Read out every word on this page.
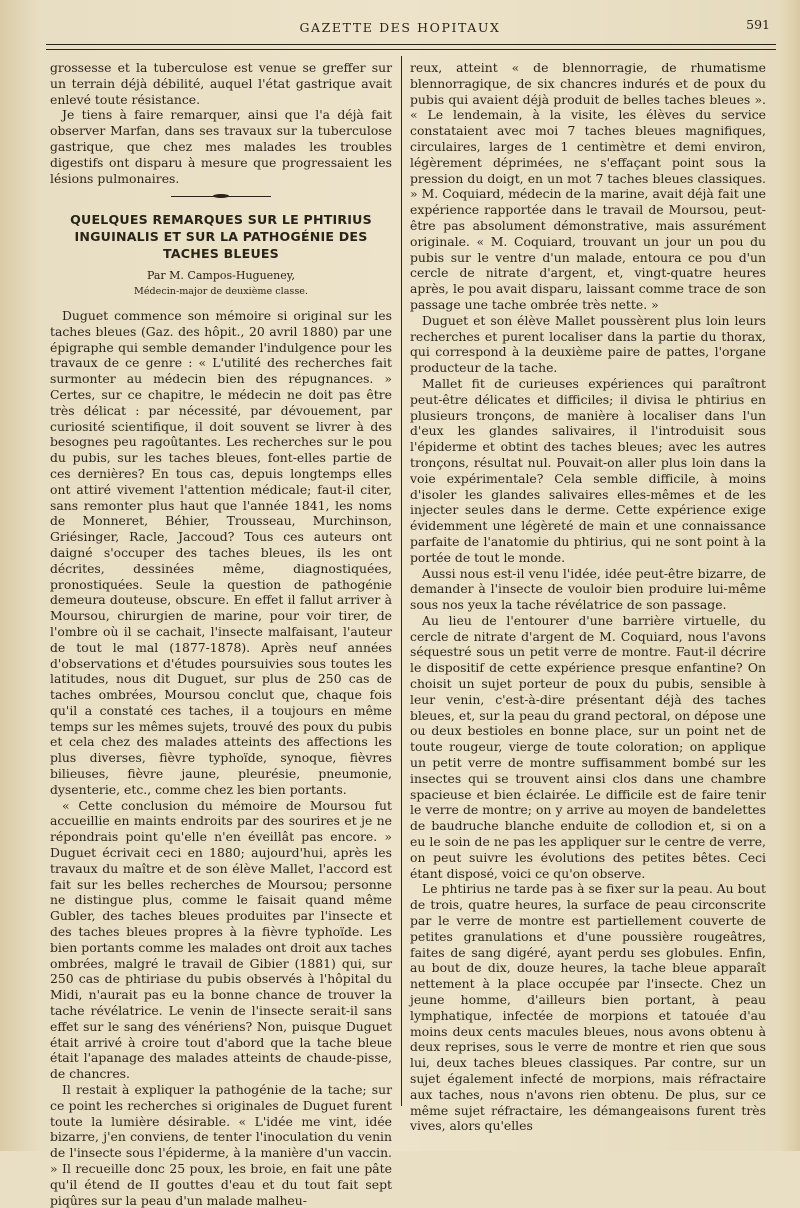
GAZETTE DES HOPITAUX	591

grossesse et la tuberculose est venue se greffer sur un terrain déjà débilité, auquel l'état gastrique avait enlevé toute résistance.

Je tiens à faire remarquer, ainsi que l'a déjà fait observer Marfan, dans ses travaux sur la tuberculose gastrique, que chez mes malades les troubles digestifs ont disparu à mesure que progressaient les lésions pulmonaires.

QUELQUES REMARQUES SUR LE PHTIRIUS INGUINALIS ET SUR LA PATHOGÉNIE DES TACHES BLEUES
Par M. Campos-Hugueney,
Médecin-major de deuxième classe.

Duguet commence son mémoire si original sur les taches bleues (Gaz. des hôpit., 20 avril 1880) par une épigraphe qui semble demander l'indulgence pour les travaux de ce genre : « L'utilité des recherches fait surmonter au médecin bien des répugnances. » Certes, sur ce chapitre, le médecin ne doit pas être très délicat : par nécessité, par dévouement, par curiosité scientifique, il doit souvent se livrer à des besognes peu ragoûtantes. Les recherches sur le pou du pubis, sur les taches bleues, font-elles partie de ces dernières? En tous cas, depuis longtemps elles ont attiré vivement l'attention médicale; faut-il citer, sans remonter plus haut que l'année 1841, les noms de Monneret, Béhier, Trousseau, Murchinson, Griésinger, Racle, Jaccoud? Tous ces auteurs ont daigné s'occuper des taches bleues, ils les ont décrites, dessinées même, diagnostiquées, pronostiquées. Seule la question de pathogénie demeura douteuse, obscure. En effet il fallut arriver à Moursou, chirurgien de marine, pour voir tirer, de l'ombre où il se cachait, l'insecte malfaisant, l'auteur de tout le mal (1877-1878). Après neuf années d'observations et d'études poursuivies sous toutes les latitudes, nous dit Duguet, sur plus de 250 cas de taches ombrées, Moursou conclut que, chaque fois qu'il a constaté ces taches, il a toujours en même temps sur les mêmes sujets, trouvé des poux du pubis et cela chez des malades atteints des affections les plus diverses, fièvre typhoïde, synoque, fièvres bilieuses, fièvre jaune, pleurésie, pneumonie, dysenterie, etc., comme chez les bien portants.

« Cette conclusion du mémoire de Moursou fut accueillie en maints endroits par des sourires et je ne répondrais point qu'elle n'en éveillât pas encore. » Duguet écrivait ceci en 1880; aujourd'hui, après les travaux du maître et de son élève Mallet, l'accord est fait sur les belles recherches de Moursou; personne ne distingue plus, comme le faisait quand même Gubler, des taches bleues produites par l'insecte et des taches bleues propres à la fièvre typhoïde. Les bien portants comme les malades ont droit aux taches ombrées, malgré le travail de Gibier (1881) qui, sur 250 cas de phtiriase du pubis observés à l'hôpital du Midi, n'aurait pas eu la bonne chance de trouver la tache révélatrice. Le venin de l'insecte serait-il sans effet sur le sang des vénériens? Non, puisque Duguet était arrivé à croire tout d'abord que la tache bleue était l'apanage des malades atteints de chaude-pisse, de chancres.

Il restait à expliquer la pathogénie de la tache; sur ce point les recherches si originales de Duguet furent toute la lumière désirable. « L'idée me vint, idée bizarre, j'en conviens, de tenter l'inoculation du venin de l'insecte sous l'épiderme, à la manière d'un vaccin. » Il recueille donc 25 poux, les broie, en fait une pâte qu'il étend de II gouttes d'eau et du tout fait sept piqûres sur la peau d'un malade malheu-

reux, atteint « de blennorragie, de rhumatisme blennorragique, de six chancres indurés et de poux du pubis qui avaient déjà produit de belles taches bleues ». « Le lendemain, à la visite, les élèves du service constataient avec moi 7 taches bleues magnifiques, circulaires, larges de 1 centimètre et demi environ, légèrement déprimées, ne s'effaçant point sous la pression du doigt, en un mot 7 taches bleues classiques. » M. Coquiard, médecin de la marine, avait déjà fait une expérience rapportée dans le travail de Moursou, peut-être pas absolument démonstrative, mais assurément originale. « M. Coquiard, trouvant un jour un pou du pubis sur le ventre d'un malade, entoura ce pou d'un cercle de nitrate d'argent, et, vingt-quatre heures après, le pou avait disparu, laissant comme trace de son passage une tache ombrée très nette. »

Duguet et son élève Mallet poussèrent plus loin leurs recherches et purent localiser dans la partie du thorax, qui correspond à la deuxième paire de pattes, l'organe producteur de la tache.

Mallet fit de curieuses expériences qui paraîtront peut-être délicates et difficiles; il divisa le phtirius en plusieurs tronçons, de manière à localiser dans l'un d'eux les glandes salivaires, il l'introduisit sous l'épiderme et obtint des taches bleues; avec les autres tronçons, résultat nul. Pouvait-on aller plus loin dans la voie expérimentale? Cela semble difficile, à moins d'isoler les glandes salivaires elles-mêmes et de les injecter seules dans le derme. Cette expérience exige évidemment une légèreté de main et une connaissance parfaite de l'anatomie du phtirius, qui ne sont point à la portée de tout le monde.

Aussi nous est-il venu l'idée, idée peut-être bizarre, de demander à l'insecte de vouloir bien produire lui-même sous nos yeux la tache révélatrice de son passage.

Au lieu de l'entourer d'une barrière virtuelle, du cercle de nitrate d'argent de M. Coquiard, nous l'avons séquestré sous un petit verre de montre. Faut-il décrire le dispositif de cette expérience presque enfantine? On choisit un sujet porteur de poux du pubis, sensible à leur venin, c'est-à-dire présentant déjà des taches bleues, et, sur la peau du grand pectoral, on dépose une ou deux bestioles en bonne place, sur un point net de toute rougeur, vierge de toute coloration; on applique un petit verre de montre suffisamment bombé sur les insectes qui se trouvent ainsi clos dans une chambre spacieuse et bien éclairée. Le difficile est de faire tenir le verre de montre; on y arrive au moyen de bandelettes de baudruche blanche enduite de collodion et, si on a eu le soin de ne pas les appliquer sur le centre de verre, on peut suivre les évolutions des petites bêtes. Ceci étant disposé, voici ce qu'on observe.

Le phtirius ne tarde pas à se fixer sur la peau. Au bout de trois, quatre heures, la surface de peau circonscrite par le verre de montre est partiellement couverte de petites granulations et d'une poussière rougeâtres, faites de sang digéré, ayant perdu ses globules. Enfin, au bout de dix, douze heures, la tache bleue apparaît nettement à la place occupée par l'insecte. Chez un jeune homme, d'ailleurs bien portant, à peau lymphatique, infectée de morpions et tatouée d'au moins deux cents macules bleues, nous avons obtenu à deux reprises, sous le verre de montre et rien que sous lui, deux taches bleues classiques. Par contre, sur un sujet également infecté de morpions, mais réfractaire aux taches, nous n'avons rien obtenu. De plus, sur ce même sujet réfractaire, les démangeaisons furent très vives, alors qu'elles
